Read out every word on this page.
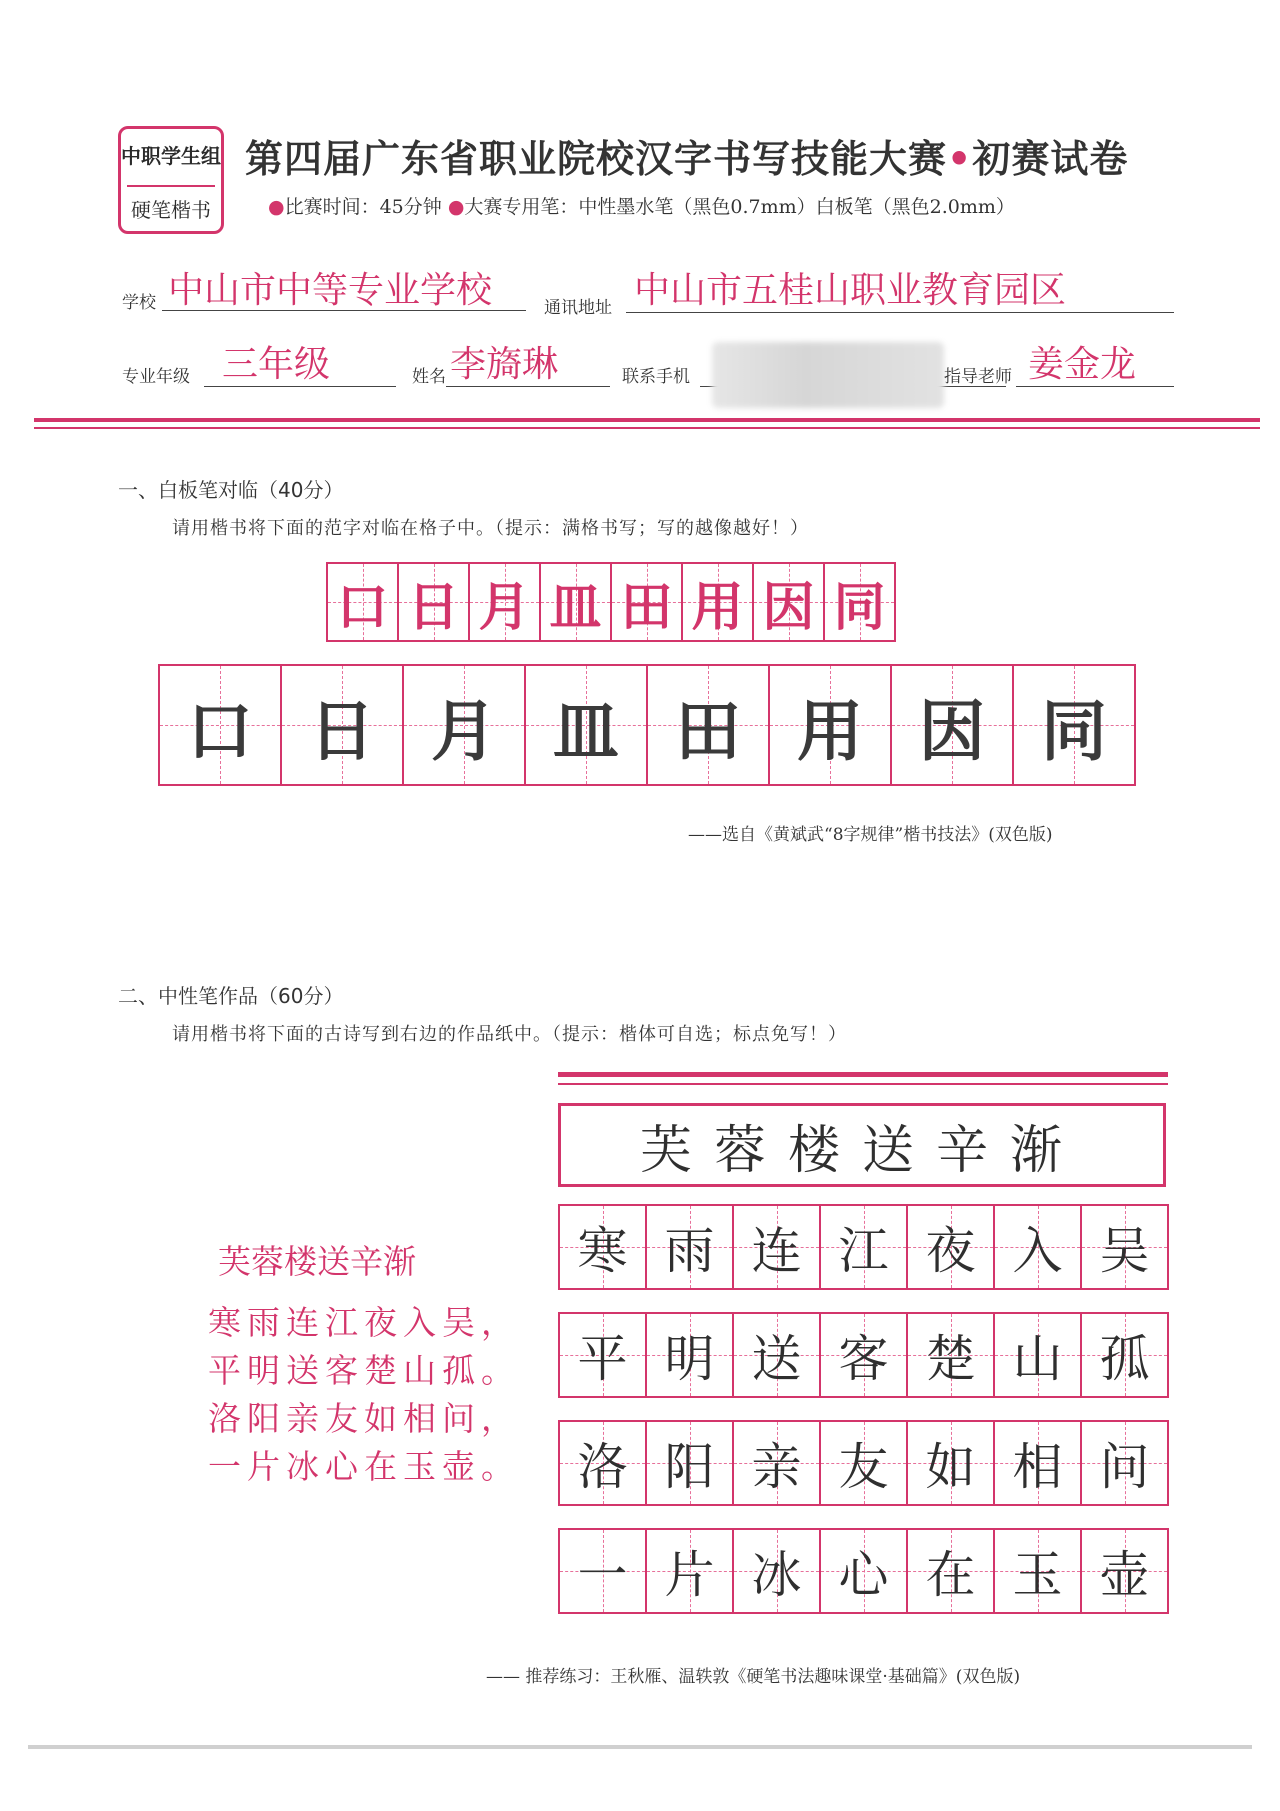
中职学生组
硬笔楷书
第四届广东省职业院校汉字书写技能大赛•初赛试卷
●比赛时间：45分钟 ●大赛专用笔：中性墨水笔（黑色0.7mm）白板笔（黑色2.0mm）
学校 中山市中等专业学校	通讯地址 中山市五桂山职业教育园区
专业年级 三年级	姓名 李旖琳	联系手机	指导老师 姜金龙
一、白板笔对临（40分）
请用楷书将下面的范字对临在格子中。（提示：满格书写；写的越像越好！）
口 日 月 皿 田 用 因 同
口 日 月 皿 田 用 因 同
——选自《黄斌武“8字规律”楷书技法》(双色版)
二、中性笔作品（60分）
请用楷书将下面的古诗写到右边的作品纸中。（提示：楷体可自选；标点免写！）
芙蓉楼送辛渐
寒雨连江夜入吴，
平明送客楚山孤。
洛阳亲友如相问，
一片冰心在玉壶。
芙蓉楼送辛渐
寒 雨 连 江 夜 入 吴
平 明 送 客 楚 山 孤
洛 阳 亲 友 如 相 问
一 片 冰 心 在 玉 壶
—— 推荐练习：王秋雁、温轶敦《硬笔书法趣味课堂·基础篇》(双色版)
